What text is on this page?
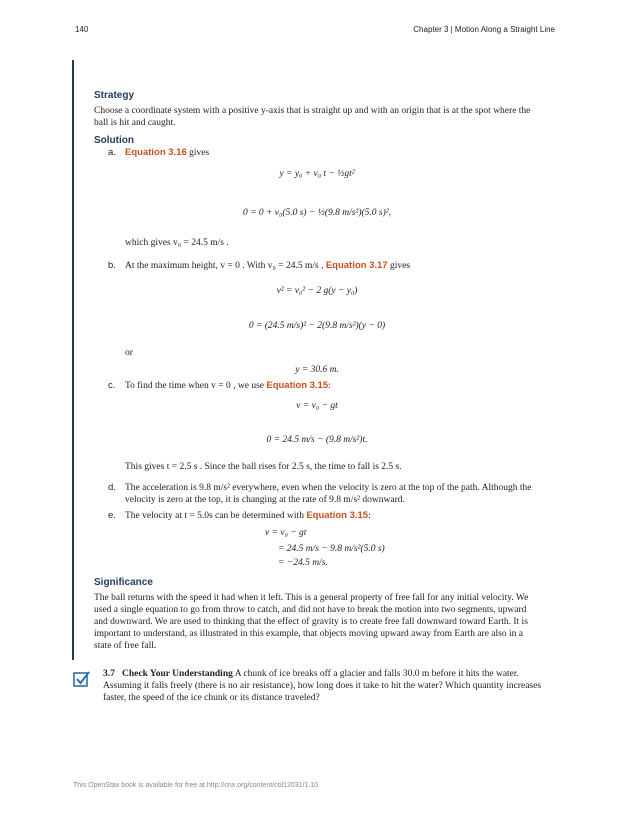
140	Chapter 3 | Motion Along a Straight Line
Strategy
Choose a coordinate system with a positive y-axis that is straight up and with an origin that is at the spot where the ball is hit and caught.
Solution
a. Equation 3.16 gives
y = y₀ + v₀ t − ½gt²
0 = 0 + v₀(5.0 s) − ½(9.8 m/s²)(5.0 s)²,
which gives v₀ = 24.5 m/s .
b. At the maximum height, v = 0 . With v₀ = 24.5 m/s , Equation 3.17 gives
v² = v₀² − 2 g(y − y₀)
0 = (24.5 m/s)² − 2(9.8 m/s²)(y − 0)
or
y = 30.6 m.
c. To find the time when v = 0 , we use Equation 3.15:
v = v₀ − gt
0 = 24.5 m/s − (9.8 m/s²)t.
This gives t = 2.5 s . Since the ball rises for 2.5 s, the time to fall is 2.5 s.
d. The acceleration is 9.8 m/s² everywhere, even when the velocity is zero at the top of the path. Although the velocity is zero at the top, it is changing at the rate of 9.8 m/s² downward.
e. The velocity at t = 5.0s can be determined with Equation 3.15:
v = v₀ − gt
= 24.5 m/s − 9.8 m/s²(5.0 s)
= −24.5 m/s.
Significance
The ball returns with the speed it had when it left. This is a general property of free fall for any initial velocity. We used a single equation to go from throw to catch, and did not have to break the motion into two segments, upward and downward. We are used to thinking that the effect of gravity is to create free fall downward toward Earth. It is important to understand, as illustrated in this example, that objects moving upward away from Earth are also in a state of free fall.
3.7 Check Your Understanding A chunk of ice breaks off a glacier and falls 30.0 m before it hits the water. Assuming it falls freely (there is no air resistance), how long does it take to hit the water? Which quantity increases faster, the speed of the ice chunk or its distance traveled?
This OpenStax book is available for free at http://cnx.org/content/col12031/1.10
